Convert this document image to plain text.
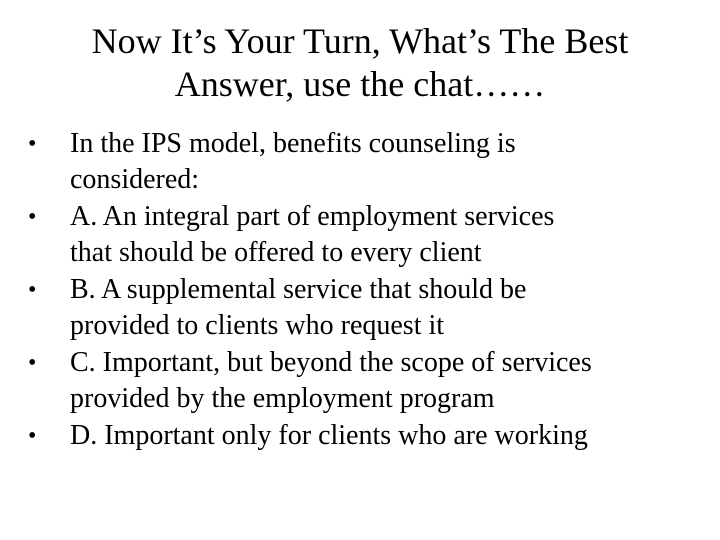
Now It’s Your Turn, What’s The Best
Answer, use the chat……
• In the IPS model, benefits counseling is
considered:
• A. An integral part of employment services
that should be offered to every client
• B. A supplemental service that should be
provided to clients who request it
• C. Important, but beyond the scope of services
provided by the employment program
• D. Important only for clients who are working
